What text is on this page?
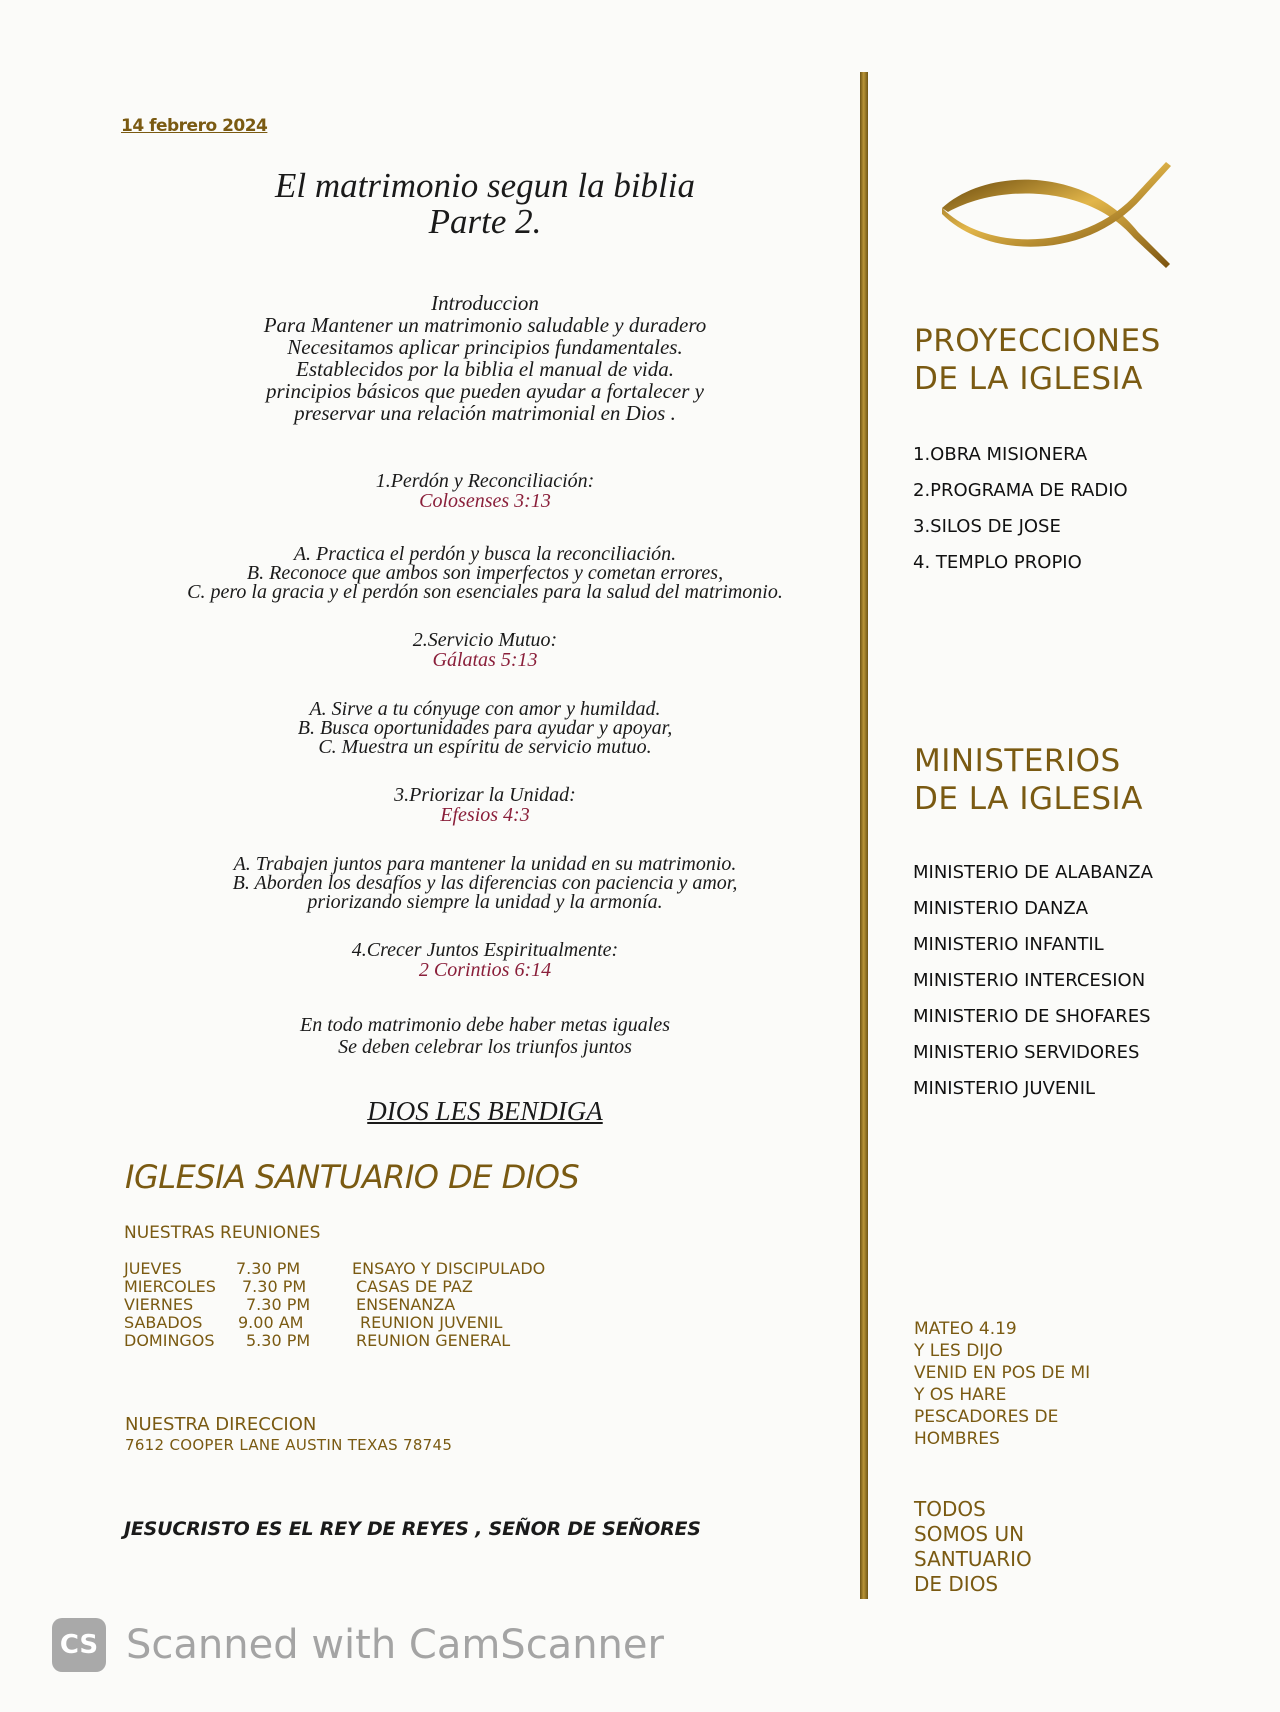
14 febrero 2024
El matrimonio segun la biblia
Parte 2.
Introduccion
Para Mantener un matrimonio saludable y duradero
Necesitamos aplicar principios fundamentales.
Establecidos por la biblia el manual de vida.
principios básicos que pueden ayudar a fortalecer y
preservar una relación matrimonial en Dios .
1.Perdón y Reconciliación:
Colosenses 3:13
A. Practica el perdón y busca la reconciliación.
B. Reconoce que ambos son imperfectos y cometan errores,
C. pero la gracia y el perdón son esenciales para la salud del matrimonio.
2.Servicio Mutuo:
Gálatas 5:13
A. Sirve a tu cónyuge con amor y humildad.
B. Busca oportunidades para ayudar y apoyar,
C. Muestra un espíritu de servicio mutuo.
3.Priorizar la Unidad:
Efesios 4:3
A. Trabajen juntos para mantener la unidad en su matrimonio.
B. Aborden los desafíos y las diferencias con paciencia y amor,
priorizando siempre la unidad y la armonía.
4.Crecer Juntos Espiritualmente:
2 Corintios 6:14
En todo matrimonio debe haber metas iguales
Se deben celebrar los triunfos juntos
DIOS LES BENDIGA
IGLESIA SANTUARIO DE DIOS
NUESTRAS REUNIONES
JUEVES	7.30 PM	ENSAYO Y DISCIPULADO
MIERCOLES 7.30 PM	CASAS DE PAZ
VIERNES	7.30 PM	ENSENANZA
SABADOS 9.00 AM	REUNION JUVENIL
DOMINGOS 5.30 PM	REUNION GENERAL
NUESTRA DIRECCION
7612 COOPER LANE AUSTIN TEXAS 78745
JESUCRISTO ES EL REY DE REYES , SEÑOR DE SEÑORES
PROYECCIONES
DE LA IGLESIA
1.OBRA MISIONERA
2.PROGRAMA DE RADIO
3.SILOS DE JOSE
4. TEMPLO PROPIO
MINISTERIOS
DE LA IGLESIA
MINISTERIO DE ALABANZA
MINISTERIO DANZA
MINISTERIO INFANTIL
MINISTERIO INTERCESION
MINISTERIO DE SHOFARES
MINISTERIO SERVIDORES
MINISTERIO JUVENIL
MATEO 4.19
Y LES DIJO
VENID EN POS DE MI
Y OS HARE
PESCADORES DE
HOMBRES
TODOS
SOMOS UN
SANTUARIO
DE DIOS
CS Scanned with CamScanner
